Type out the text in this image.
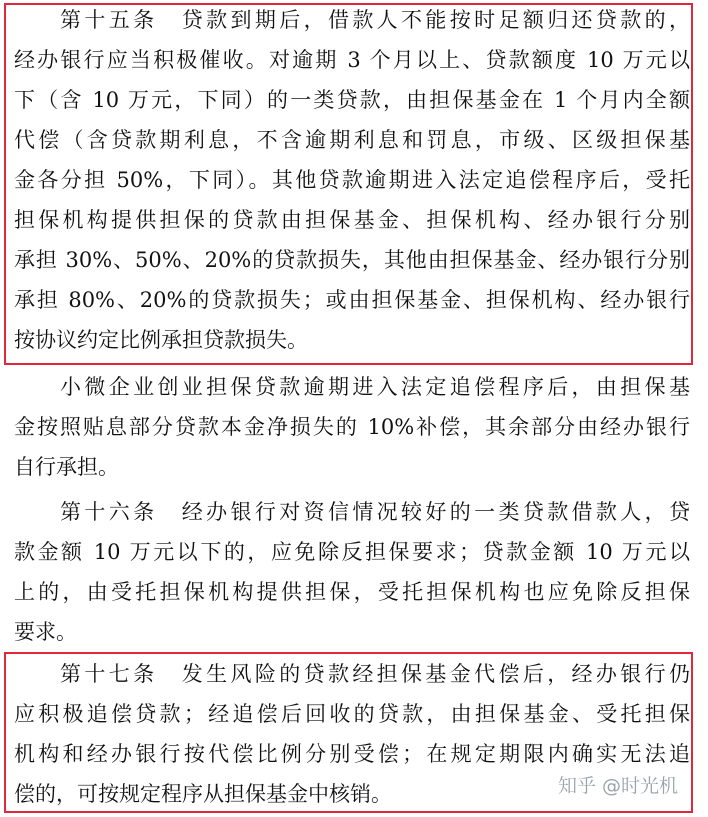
第十五条　贷款到期后，借款人不能按时足额归还贷款的，
经办银行应当积极催收。对逾期 3 个月以上、贷款额度 10 万元以
下（含 10 万元，下同）的一类贷款，由担保基金在 1 个月内全额
代偿（含贷款期利息，不含逾期利息和罚息，市级、区级担保基
金各分担 50%，下同）。其他贷款逾期进入法定追偿程序后，受托
担保机构提供担保的贷款由担保基金、担保机构、经办银行分别
承担 30%、50%、20%的贷款损失，其他由担保基金、经办银行分别
承担 80%、20%的贷款损失；或由担保基金、担保机构、经办银行
按协议约定比例承担贷款损失。
小微企业创业担保贷款逾期进入法定追偿程序后，由担保基
金按照贴息部分贷款本金净损失的 10%补偿，其余部分由经办银行
自行承担。
第十六条　经办银行对资信情况较好的一类贷款借款人，贷
款金额 10 万元以下的，应免除反担保要求；贷款金额 10 万元以
上的，由受托担保机构提供担保，受托担保机构也应免除反担保
要求。
第十七条　发生风险的贷款经担保基金代偿后，经办银行仍
应积极追偿贷款；经追偿后回收的贷款，由担保基金、受托担保
机构和经办银行按代偿比例分别受偿；在规定期限内确实无法追
偿的，可按规定程序从担保基金中核销。	知乎 @时光机
